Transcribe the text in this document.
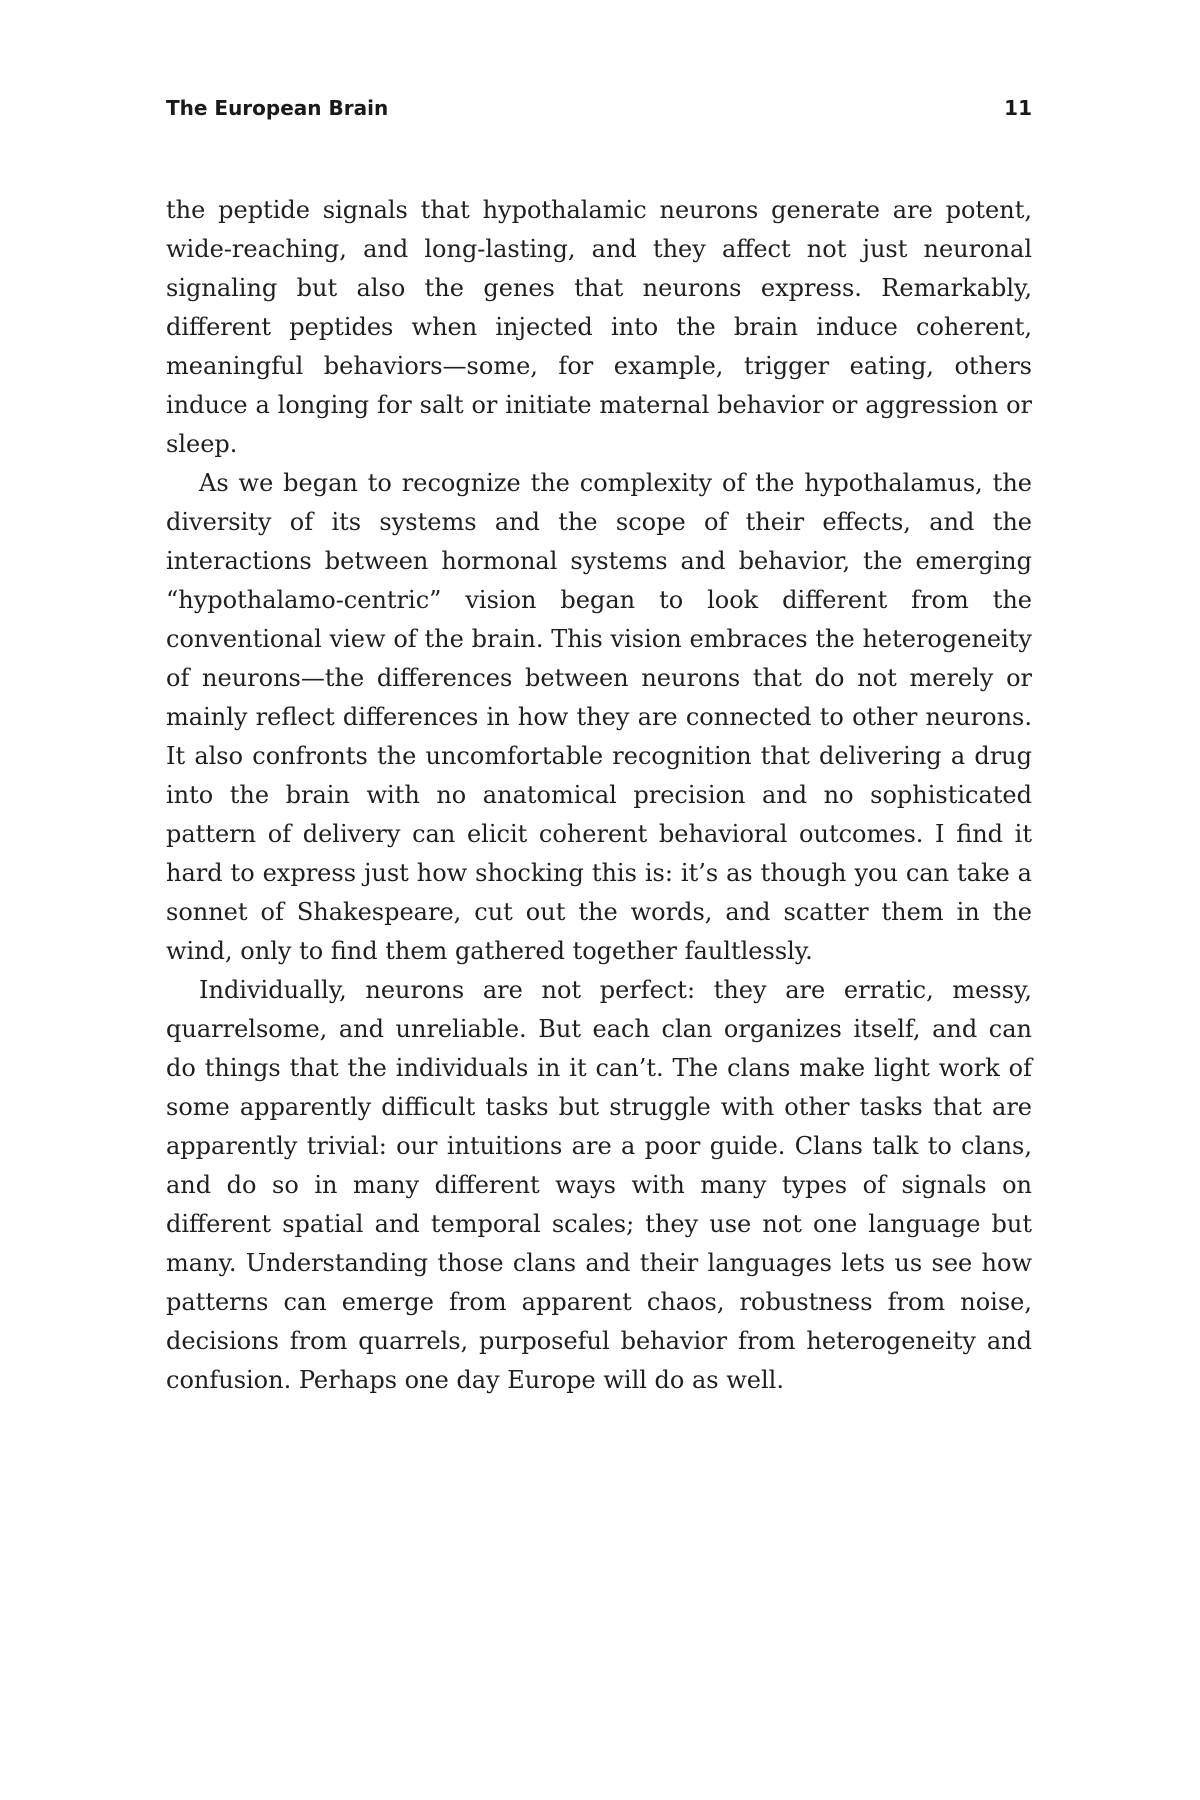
The European Brain	11

the peptide signals that hypothalamic neurons generate are potent, wide-reaching, and long-lasting, and they affect not just neuronal signaling but also the genes that neurons express. Remarkably, different peptides when injected into the brain induce coherent, meaningful behaviors—some, for example, trigger eating, others induce a longing for salt or initiate maternal behavior or aggression or sleep.

As we began to recognize the complexity of the hypothalamus, the diversity of its systems and the scope of their effects, and the interactions between hormonal systems and behavior, the emerging “hypothalamo-centric” vision began to look different from the conventional view of the brain. This vision embraces the heterogeneity of neurons—the differences between neurons that do not merely or mainly reflect differences in how they are connected to other neurons. It also confronts the uncomfortable recognition that delivering a drug into the brain with no anatomical precision and no sophisticated pattern of delivery can elicit coherent behavioral outcomes. I find it hard to express just how shocking this is: it’s as though you can take a sonnet of Shakespeare, cut out the words, and scatter them in the wind, only to find them gathered together faultlessly.

Individually, neurons are not perfect: they are erratic, messy, quarrelsome, and unreliable. But each clan organizes itself, and can do things that the individuals in it can’t. The clans make light work of some apparently difficult tasks but struggle with other tasks that are apparently trivial: our intuitions are a poor guide. Clans talk to clans, and do so in many different ways with many types of signals on different spatial and temporal scales; they use not one language but many. Understanding those clans and their languages lets us see how patterns can emerge from apparent chaos, robustness from noise, decisions from quarrels, purposeful behavior from heterogeneity and confusion. Perhaps one day Europe will do as well.
